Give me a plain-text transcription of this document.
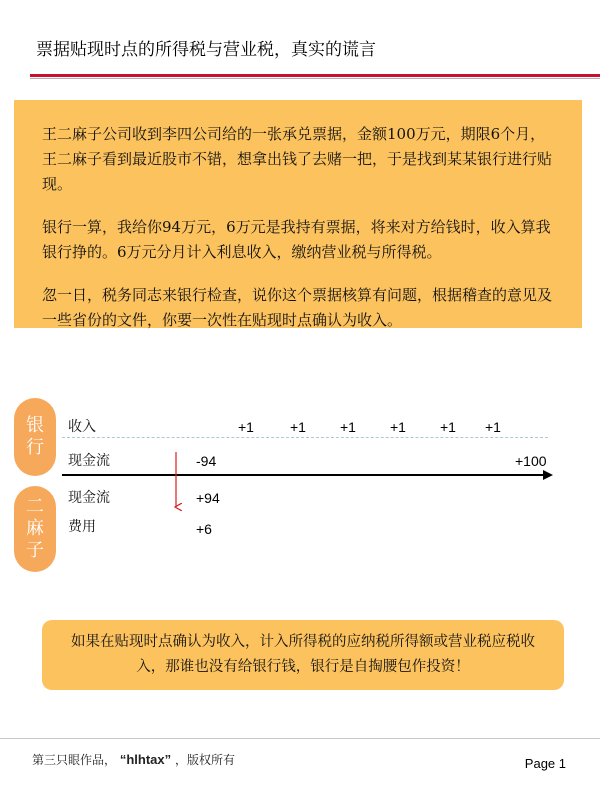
票据贴现时点的所得税与营业税，真实的谎言

王二麻子公司收到李四公司给的一张承兑票据，金额100万元，期限6个月，王二麻子看到最近股市不错，想拿出钱了去赌一把，于是找到某某银行进行贴现。

银行一算，我给你94万元，6万元是我持有票据，将来对方给钱时，收入算我银行挣的。6万元分月计入利息收入，缴纳营业税与所得税。

忽一日，税务同志来银行检查，说你这个票据核算有问题，根据稽查的意见及一些省份的文件，你要一次性在贴现时点确认为收入。

银
行
二
麻
子
收入	+1	+1 +1 +1 +1 +1
现金流	-94	+100
现金流	+94
费用	+6

如果在贴现时点确认为收入，计入所得税的应纳税所得额或营业税应税收入，那谁也没有给银行钱，银行是自掏腰包作投资！

第三只眼作品， “hlhtax” ，版权所有	Page 1
